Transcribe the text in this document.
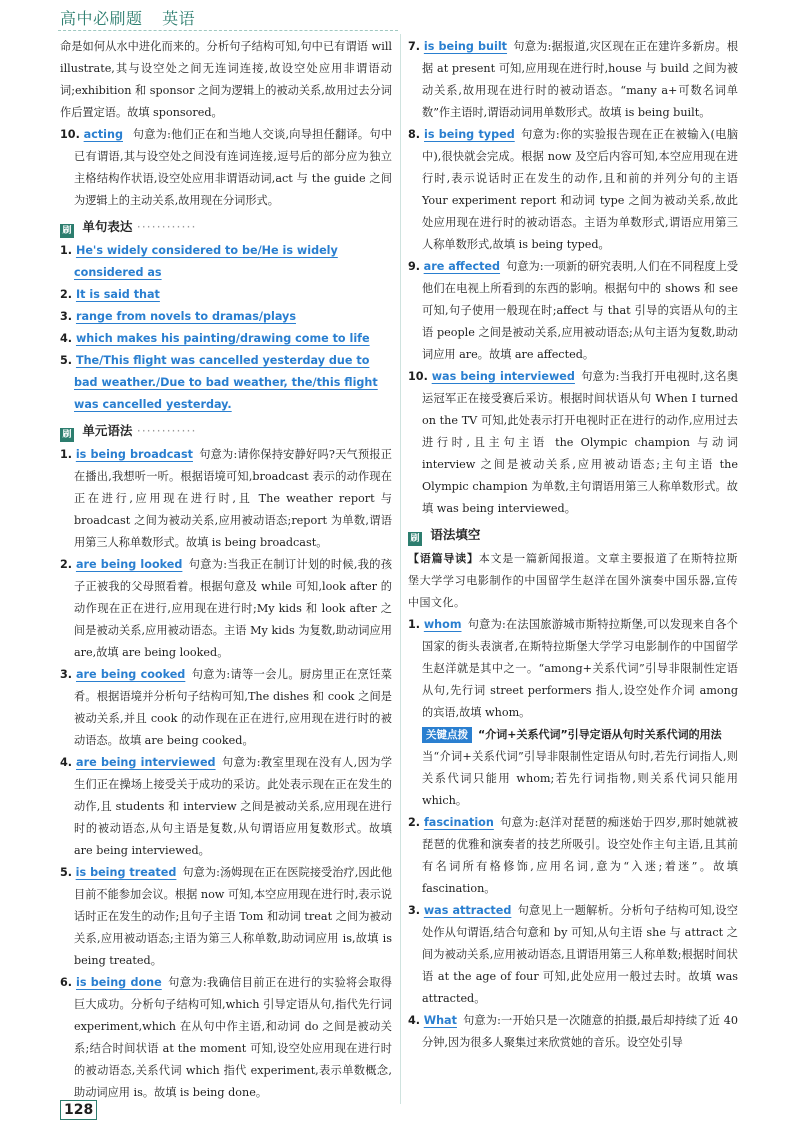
高中必刷题 英语

命是如何从水中进化而来的。分析句子结构可知,句中已有谓语 will illustrate,其与设空处之间无连词连接,故设空处应用非谓语动词;exhibition 和 sponsor 之间为逻辑上的被动关系,故用过去分词作后置定语。故填 sponsored。

10. acting 句意为:他们正在和当地人交谈,向导担任翻译。句中已有谓语,其与设空处之间没有连词连接,逗号后的部分应为独立主格结构作状语,设空处应用非谓语动词,act 与 the guide 之间为逻辑上的主动关系,故用现在分词形式。

刷 单句表达 ············
1. He's widely considered to be/He is widely considered as
2. It is said that
3. range from novels to dramas/plays
4. which makes his painting/drawing come to life
5. The/This flight was cancelled yesterday due to bad weather./Due to bad weather, the/this flight was cancelled yesterday.
刷 单元语法 ············

1. is being broadcast 句意为:请你保持安静好吗?天气预报正在播出,我想听一听。根据语境可知,broadcast 表示的动作现在正在进行,应用现在进行时,且 The weather report 与 broadcast 之间为被动关系,应用被动语态;report 为单数,谓语用第三人称单数形式。故填 is being broadcast。

2. are being looked 句意为:当我正在制订计划的时候,我的孩子正被我的父母照看着。根据句意及 while 可知,look after 的动作现在正在进行,应用现在进行时;My kids 和 look after 之间是被动关系,应用被动语态。主语 My kids 为复数,助动词应用 are,故填 are being looked。

3. are being cooked 句意为:请等一会儿。厨房里正在烹饪菜肴。根据语境并分析句子结构可知,The dishes 和 cook 之间是被动关系,并且 cook 的动作现在正在进行,应用现在进行时的被动语态。故填 are being cooked。

4. are being interviewed 句意为:教室里现在没有人,因为学生们正在操场上接受关于成功的采访。此处表示现在正在发生的动作,且 students 和 interview 之间是被动关系,应用现在进行时的被动语态,从句主语是复数,从句谓语应用复数形式。故填 are being interviewed。

5. is being treated 句意为:汤姆现在正在医院接受治疗,因此他目前不能参加会议。根据 now 可知,本空应用现在进行时,表示说话时正在发生的动作;且句子主语 Tom 和动词 treat 之间为被动关系,应用被动语态;主语为第三人称单数,助动词应用 is,故填 is being treated。

6. is being done 句意为:我确信目前正在进行的实验将会取得巨大成功。分析句子结构可知,which 引导定语从句,指代先行词 experiment,which 在从句中作主语,和动词 do 之间是被动关系;结合时间状语 at the moment 可知,设空处应用现在进行时的被动语态,关系代词 which 指代 experiment,表示单数概念,助动词应用 is。故填 is being done。

7. is being built 句意为:据报道,灾区现在正在建许多新房。根据 at present 可知,应用现在进行时,house 与 build 之间为被动关系,故用现在进行时的被动语态。“many a+可数名词单数”作主语时,谓语动词用单数形式。故填 is being built。

8. is being typed 句意为:你的实验报告现在正在被输入(电脑中),很快就会完成。根据 now 及空后内容可知,本空应用现在进行时,表示说话时正在发生的动作,且和前的并列分句的主语 Your experiment report 和动词 type 之间为被动关系,故此处应用现在进行时的被动语态。主语为单数形式,谓语应用第三人称单数形式,故填 is being typed。

9. are affected 句意为:一项新的研究表明,人们在不同程度上受他们在电视上所看到的东西的影响。根据句中的 shows 和 see 可知,句子使用一般现在时;affect 与 that 引导的宾语从句的主语 people 之间是被动关系,应用被动语态;从句主语为复数,助动词应用 are。故填 are affected。

10. was being interviewed 句意为:当我打开电视时,这名奥运冠军正在接受赛后采访。根据时间状语从句 When I turned on the TV 可知,此处表示打开电视时正在进行的动作,应用过去进行时,且主句主语 the Olympic champion 与动词 interview 之间是被动关系,应用被动语态;主句主语 the Olympic champion 为单数,主句谓语用第三人称单数形式。故填 was being interviewed。

刷 语法填空

【语篇导读】本文是一篇新闻报道。文章主要报道了在斯特拉斯堡大学学习电影制作的中国留学生赵洋在国外演奏中国乐器,宣传中国文化。

1. whom 句意为:在法国旅游城市斯特拉斯堡,可以发现来自各个国家的街头表演者,在斯特拉斯堡大学学习电影制作的中国留学生赵洋就是其中之一。“among+关系代词”引导非限制性定语从句,先行词 street performers 指人,设空处作介词 among 的宾语,故填 whom。

关键点拨 “介词+关系代词”引导定语从句时关系代词的用法

当“介词+关系代词”引导非限制性定语从句时,若先行词指人,则关系代词只能用 whom;若先行词指物,则关系代词只能用 which。

2. fascination 句意为:赵洋对琵琶的痴迷始于四岁,那时她就被琵琶的优雅和演奏者的技艺所吸引。设空处作主句主语,且其前有名词所有格修饰,应用名词,意为“入迷;着迷”。故填 fascination。

3. was attracted 句意见上一题解析。分析句子结构可知,设空处作从句谓语,结合句意和 by 可知,从句主语 she 与 attract 之间为被动关系,应用被动语态,且谓语用第三人称单数;根据时间状语 at the age of four 可知,此处应用一般过去时。故填 was attracted。

4. What 句意为:一开始只是一次随意的拍摄,最后却持续了近 40 分钟,因为很多人聚集过来欣赏她的音乐。设空处引导

128
